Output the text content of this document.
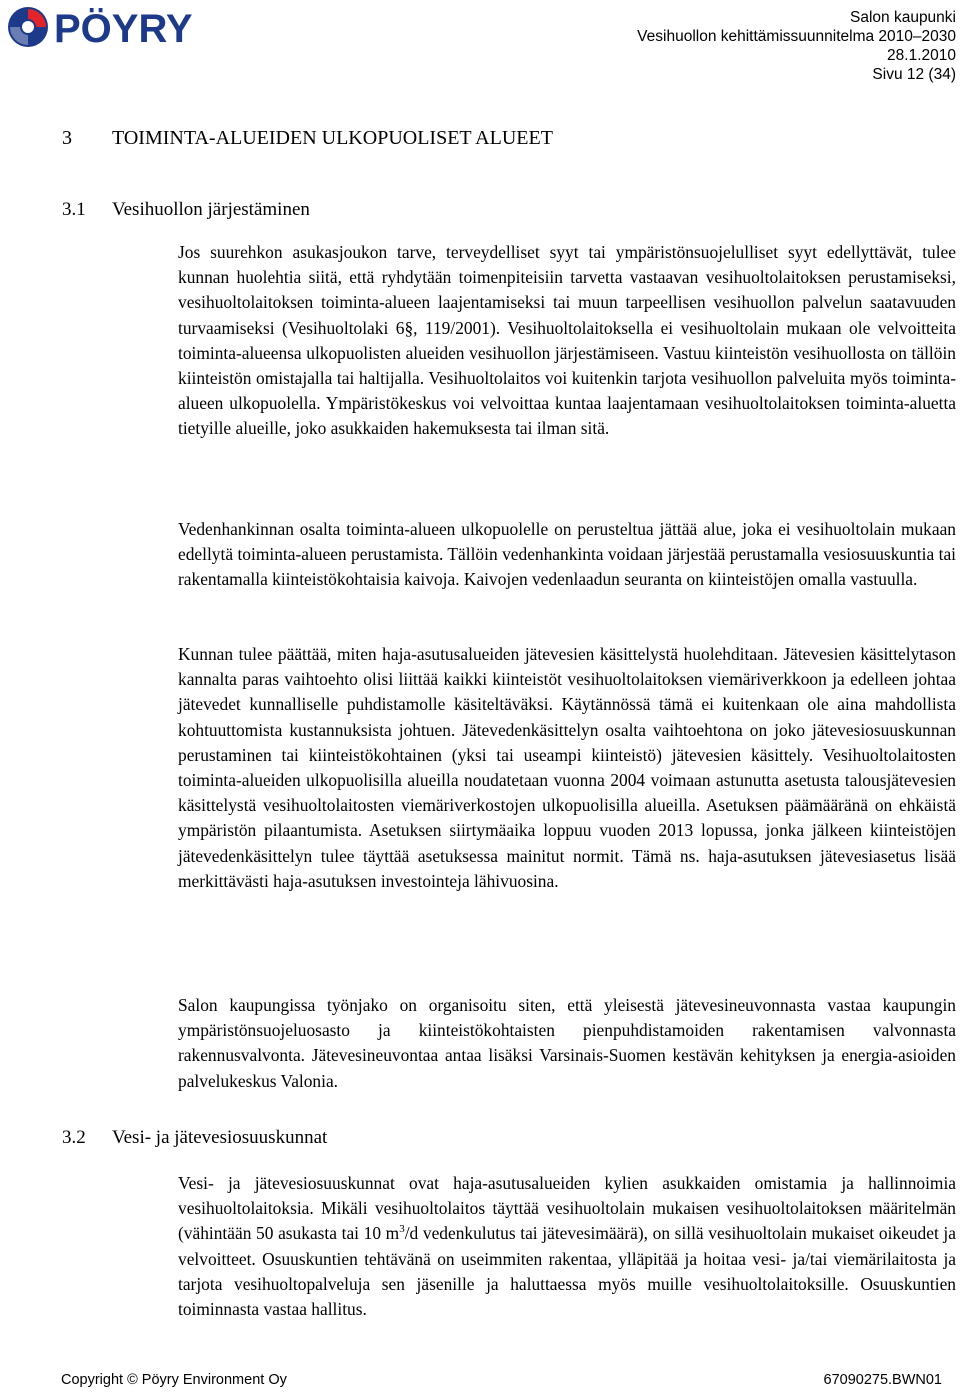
PÖYRY	Salon kaupunki
Vesihuollon kehittämissuunnitelma 2010–2030
28.1.2010
Sivu 12 (34)
3 TOIMINTA-ALUEIDEN ULKOPUOLISET ALUEET
3.1 Vesihuollon järjestäminen

Jos suurehkon asukasjoukon tarve, terveydelliset syyt tai ympäristönsuojelulliset syyt edellyttävät, tulee kunnan huolehtia siitä, että ryhdytään toimenpiteisiin tarvetta vastaavan vesihuoltolaitoksen perustamiseksi, vesihuoltolaitoksen toiminta-alueen laajentamiseksi tai muun tarpeellisen vesihuollon palvelun saatavuuden turvaamiseksi (Vesihuoltolaki 6§, 119/2001). Vesihuoltolaitoksella ei vesihuoltolain mukaan ole velvoitteita toiminta-alueensa ulkopuolisten alueiden vesihuollon järjestämiseen. Vastuu kiinteistön vesihuollosta on tällöin kiinteistön omistajalla tai haltijalla. Vesihuoltolaitos voi kuitenkin tarjota vesihuollon palveluita myös toiminta-alueen ulkopuolella. Ympäristökeskus voi velvoittaa kuntaa laajentamaan vesihuoltolaitoksen toiminta-aluetta tietyille alueille, joko asukkaiden hakemuksesta tai ilman sitä.

Vedenhankinnan osalta toiminta-alueen ulkopuolelle on perusteltua jättää alue, joka ei vesihuoltolain mukaan edellytä toiminta-alueen perustamista. Tällöin vedenhankinta voidaan järjestää perustamalla vesiosuuskuntia tai rakentamalla kiinteistökohtaisia kaivoja. Kaivojen vedenlaadun seuranta on kiinteistöjen omalla vastuulla.

Kunnan tulee päättää, miten haja-asutusalueiden jätevesien käsittelystä huolehditaan. Jätevesien käsittelytason kannalta paras vaihtoehto olisi liittää kaikki kiinteistöt vesihuoltolaitoksen viemäriverkkoon ja edelleen johtaa jätevedet kunnalliselle puhdistamolle käsiteltäväksi. Käytännössä tämä ei kuitenkaan ole aina mahdollista kohtuuttomista kustannuksista johtuen. Jätevedenkäsittelyn osalta vaihtoehtona on joko jätevesiosuuskunnan perustaminen tai kiinteistökohtainen (yksi tai useampi kiinteistö) jätevesien käsittely. Vesihuoltolaitosten toiminta-alueiden ulkopuolisilla alueilla noudatetaan vuonna 2004 voimaan astunutta asetusta talousjätevesien käsittelystä vesihuoltolaitosten viemäriverkostojen ulkopuolisilla alueilla. Asetuksen päämääränä on ehkäistä ympäristön pilaantumista. Asetuksen siirtymäaika loppuu vuoden 2013 lopussa, jonka jälkeen kiinteistöjen jätevedenkäsittelyn tulee täyttää asetuksessa mainitut normit. Tämä ns. haja-asutuksen jätevesiasetus lisää merkittävästi haja-asutuksen investointeja lähivuosina.

Salon kaupungissa työnjako on organisoitu siten, että yleisestä jätevesineuvonnasta vastaa kaupungin ympäristönsuojeluosasto ja kiinteistökohtaisten pienpuhdistamoiden rakentamisen valvonnasta rakennusvalvonta. Jätevesineuvontaa antaa lisäksi Varsinais-Suomen kestävän kehityksen ja energia-asioiden palvelukeskus Valonia.

3.2 Vesi- ja jätevesiosuuskunnat

Vesi- ja jätevesiosuuskunnat ovat haja-asutusalueiden kylien asukkaiden omistamia ja hallinnoimia vesihuoltolaitoksia. Mikäli vesihuoltolaitos täyttää vesihuoltolain mukaisen vesihuoltolaitoksen määritelmän (vähintään 50 asukasta tai 10 $m^3/d$ vedenkulutus tai jätevesimäärä), on sillä vesihuoltolain mukaiset oikeudet ja velvoitteet. Osuuskuntien tehtävänä on useimmiten rakentaa, ylläpitää ja hoitaa vesi- ja/tai viemärilaitosta ja tarjota vesihuoltopalveluja sen jäsenille ja haluttaessa myös muille vesihuoltolaitoksille. Osuuskuntien toiminnasta vastaa hallitus.

Copyright © Pöyry Environment Oy	67090275.BWN01
